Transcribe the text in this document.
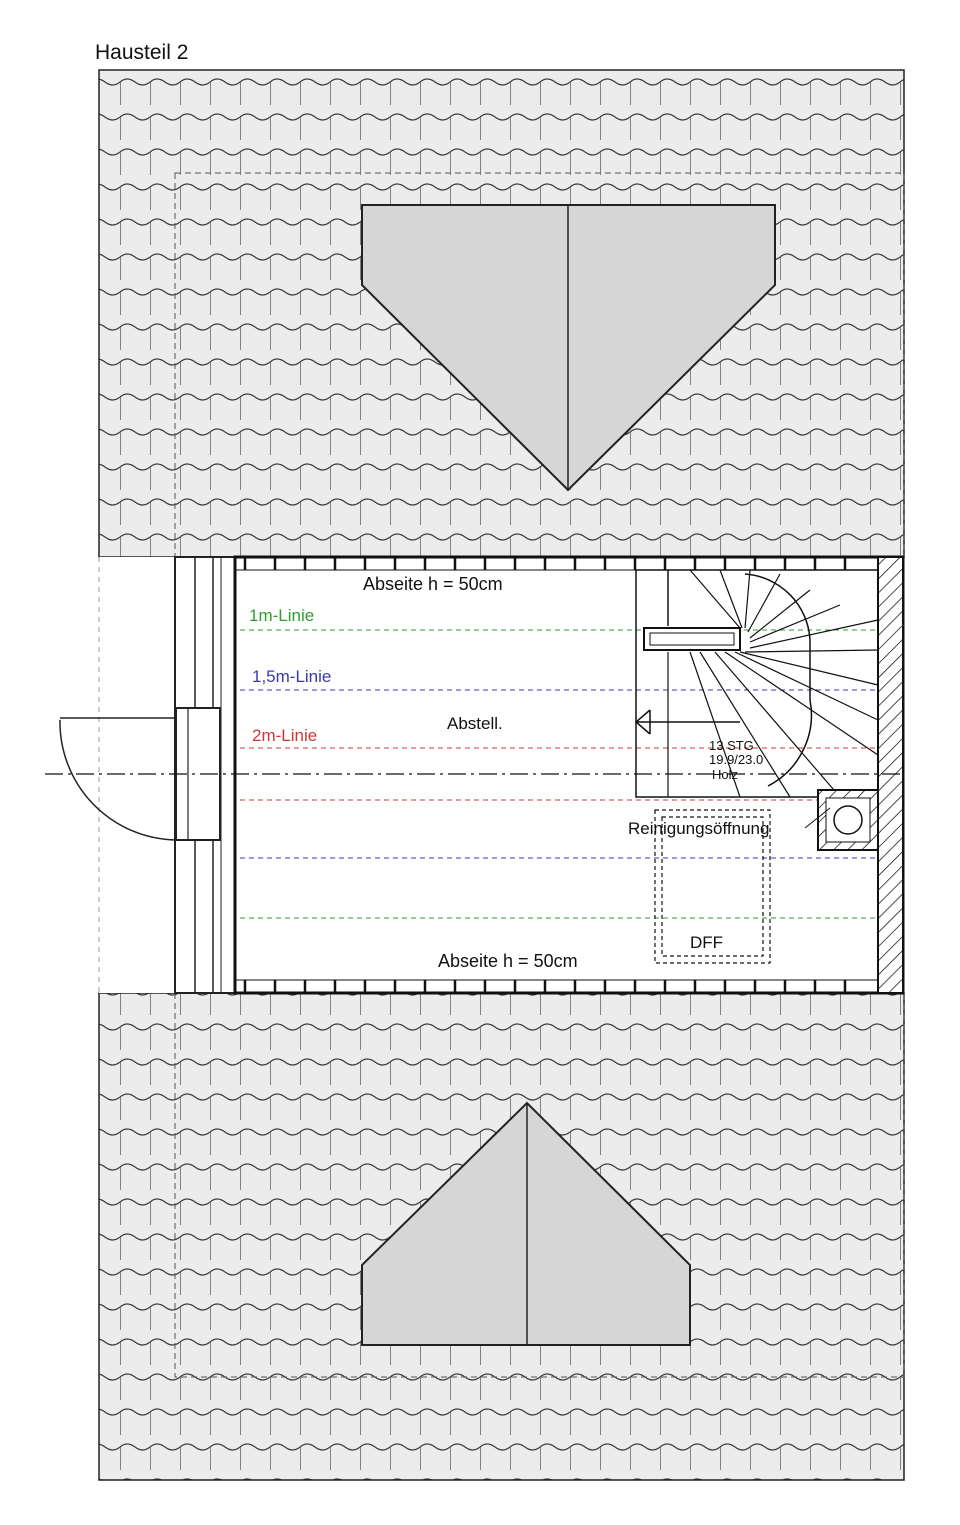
Hausteil 2
Abseite h = 50cm
Abseite h = 50cm
1m-Linie
1,5m-Linie
2m-Linie
Abstell.
13 STG
19.9/23.0
Holz
Reinigungsöffnung
DFF
